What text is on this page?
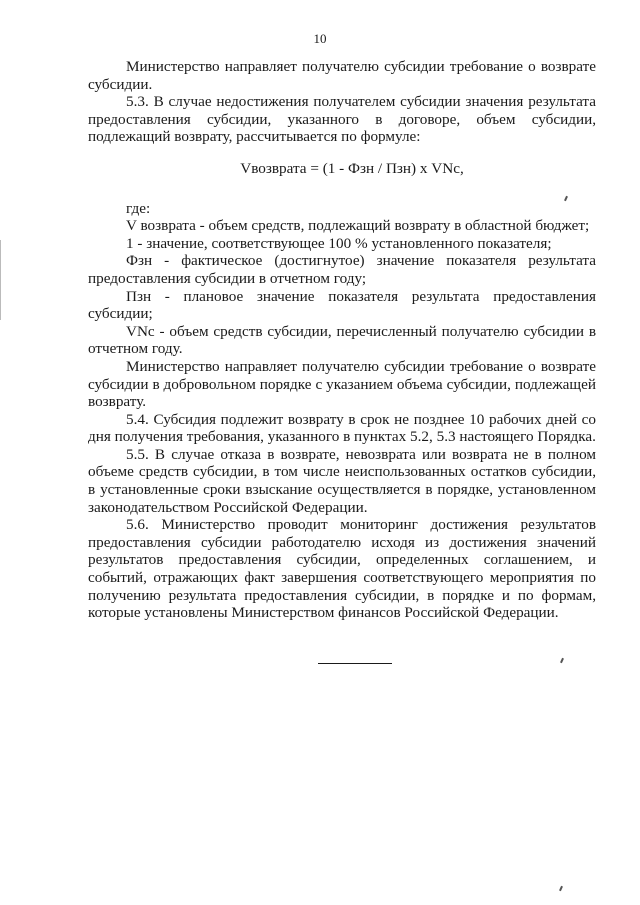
10

Министерство направляет получателю субсидии требование о возврате субсидии.

5.3. В случае недостижения получателем субсидии значения результата предоставления субсидии, указанного в договоре, объем субсидии, подлежащий возврату, рассчитывается по формуле:

Vвозврата = (1 - Фзн / Пзн) х VNс,

где:

V возврата - объем средств, подлежащий возврату в областной бюджет;

1 - значение, соответствующее 100 % установленного показателя;

Фзн - фактическое (достигнутое) значение показателя результата предоставления субсидии в отчетном году;

Пзн - плановое значение показателя результата предоставления субсидии;

VNс - объем средств субсидии, перечисленный получателю субсидии в отчетном году.

Министерство направляет получателю субсидии требование о возврате субсидии в добровольном порядке с указанием объема субсидии, подлежащей возврату.

5.4. Субсидия подлежит возврату в срок не позднее 10 рабочих дней со дня получения требования, указанного в пунктах 5.2, 5.3 настоящего Порядка.

5.5. В случае отказа в возврате, невозврата или возврата не в полном объеме средств субсидии, в том числе неиспользованных остатков субсидии, в установленные сроки взыскание осуществляется в порядке, установленном законодательством Российской Федерации.

5.6. Министерство проводит мониторинг достижения результатов предоставления субсидии работодателю исходя из достижения значений результатов предоставления субсидии, определенных соглашением, и событий, отражающих факт завершения соответствующего мероприятия по получению результата предоставления субсидии, в порядке и по формам, которые установлены Министерством финансов Российской Федерации.
